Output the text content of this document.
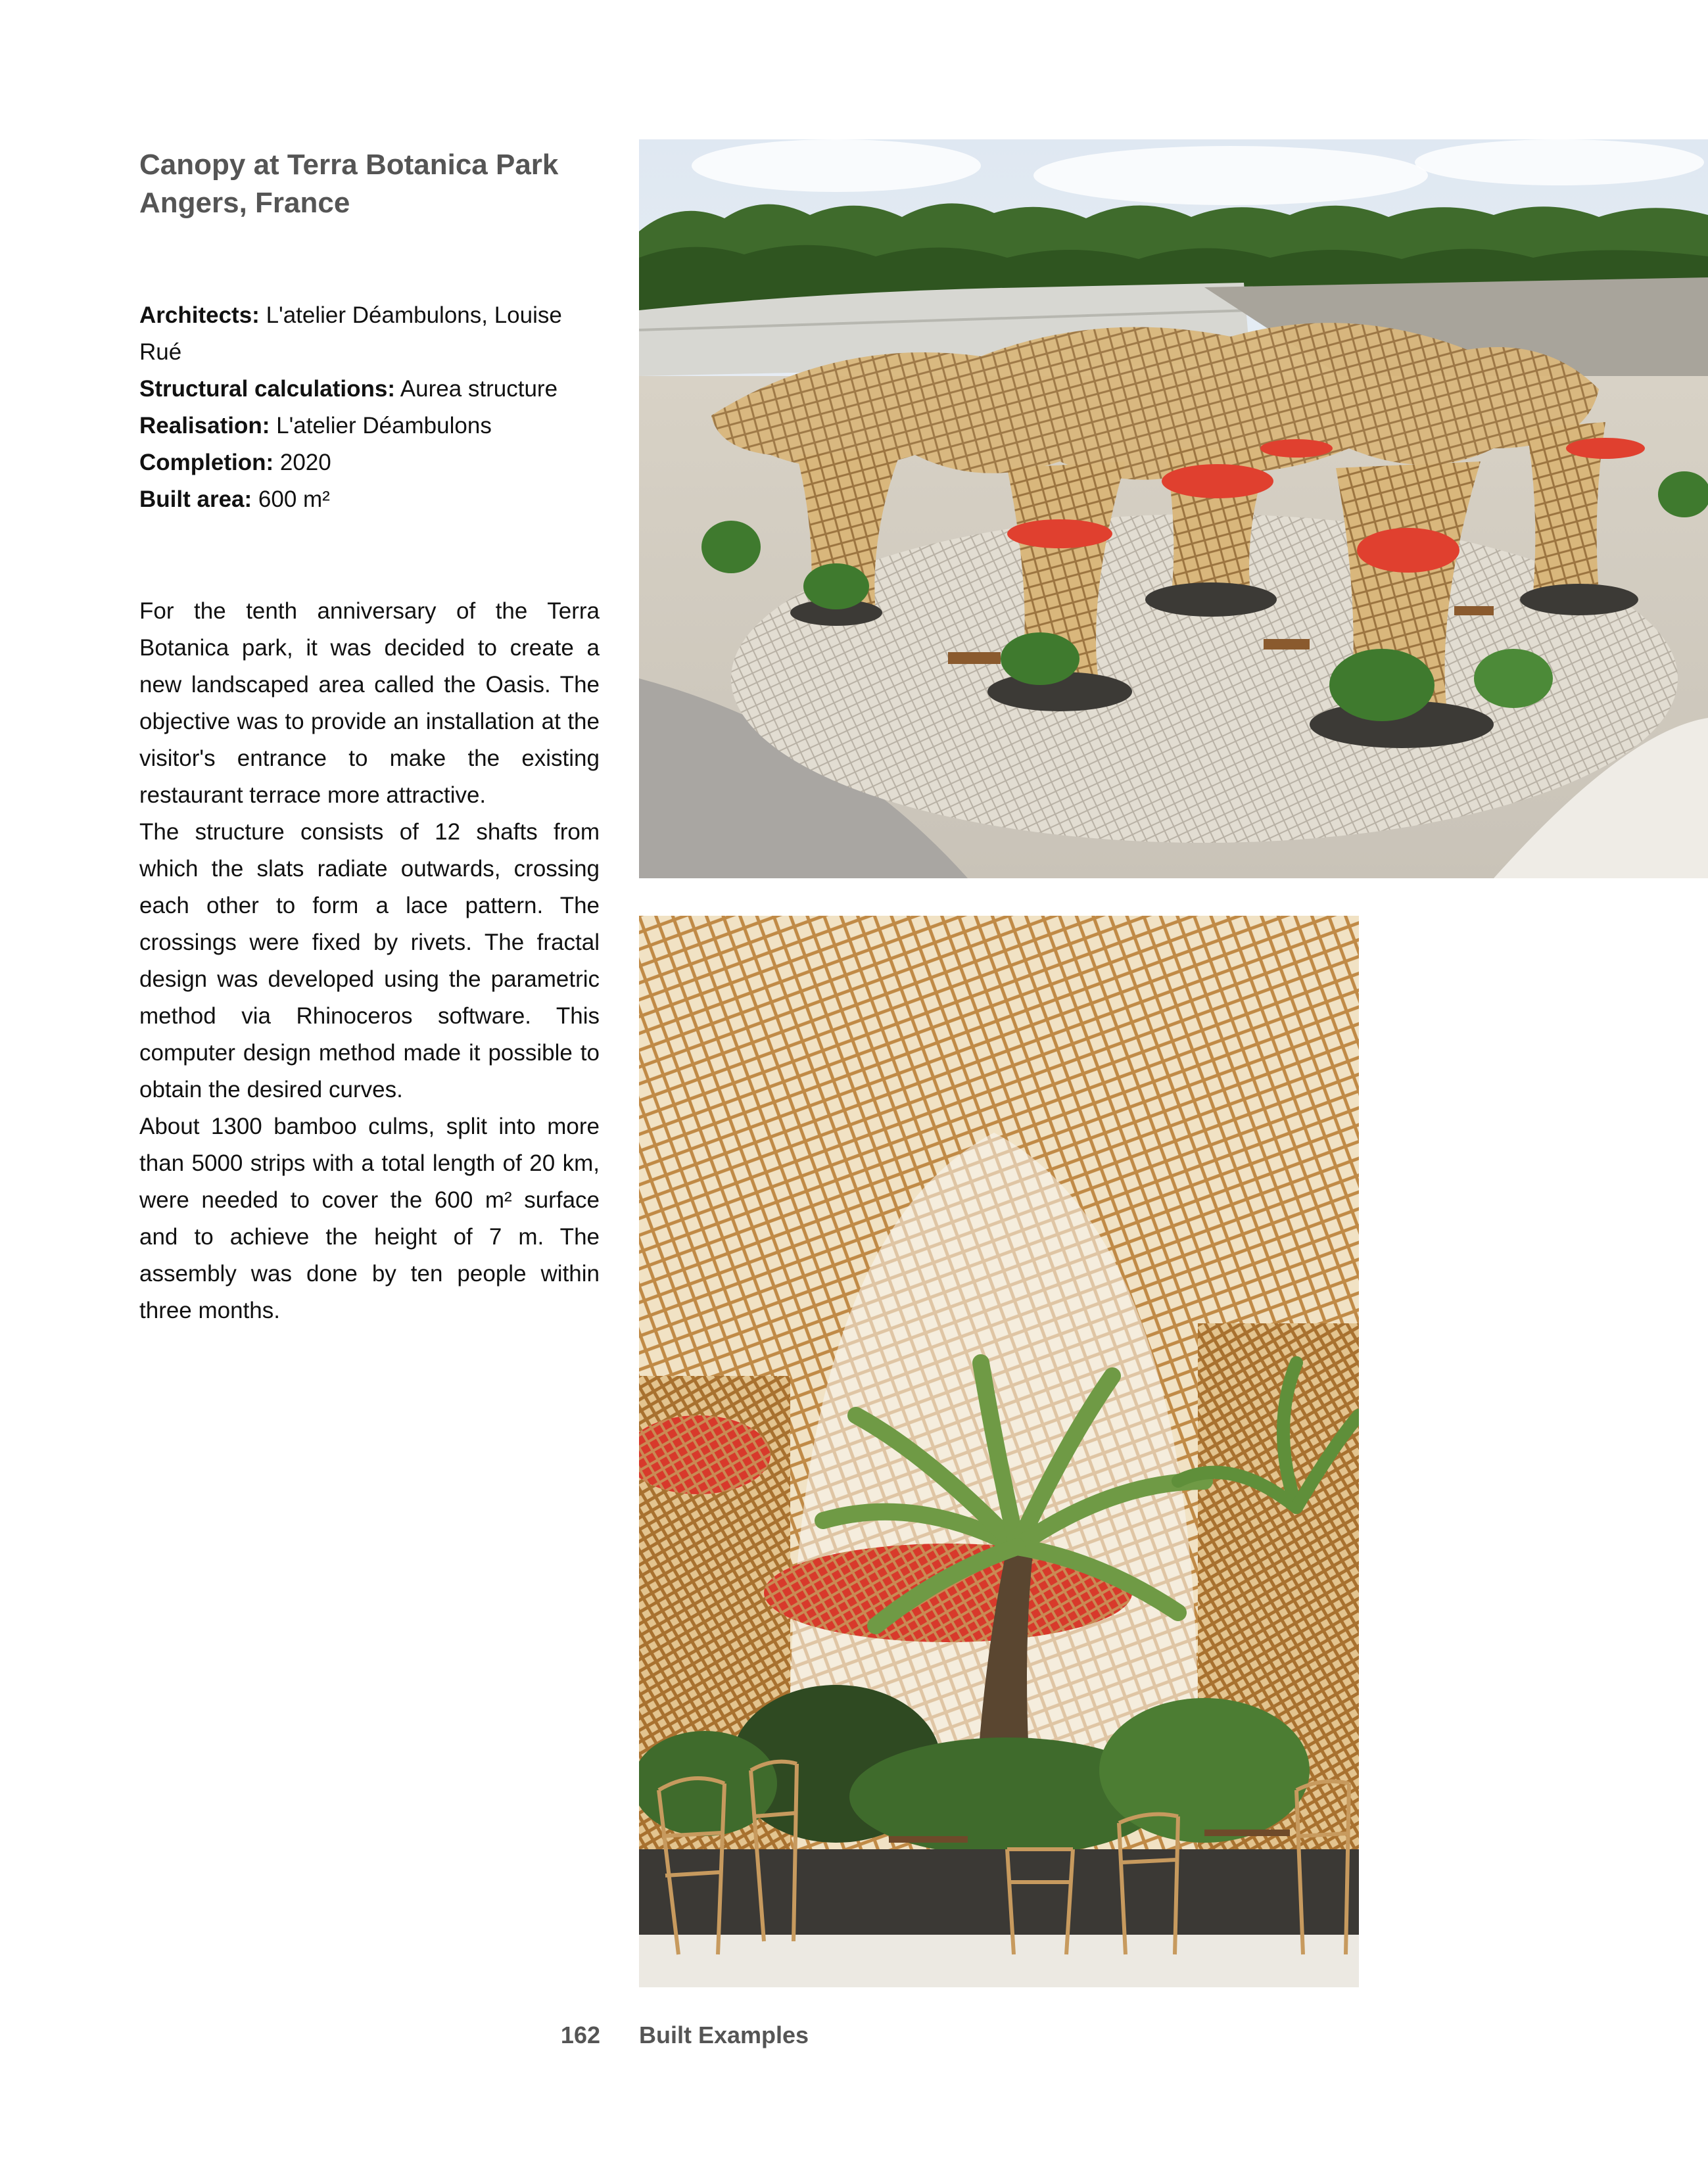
Canopy at Terra Botanica Park
Angers, France
Architects: L'atelier Déambulons, Louise Rué
Structural calculations: Aurea structure
Realisation: L'atelier Déambulons
Completion: 2020
Built area: 600 m²

For the tenth anniversary of the Terra Botanica park, it was decided to create a new landscaped area called the Oasis. The objective was to provide an installation at the visitor's entrance to make the existing restaurant terrace more attractive.

The structure consists of 12 shafts from which the slats radiate outwards, crossing each other to form a lace pattern. The crossings were fixed by rivets. The fractal design was developed using the parametric method via Rhinoceros software. This computer design method made it possible to obtain the desired curves.

About 1300 bamboo culms, split into more than 5000 strips with a total length of 20 km, were needed to cover the 600 m² surface and to achieve the height of 7 m. The assembly was done by ten people within three months.

162 Built Examples
